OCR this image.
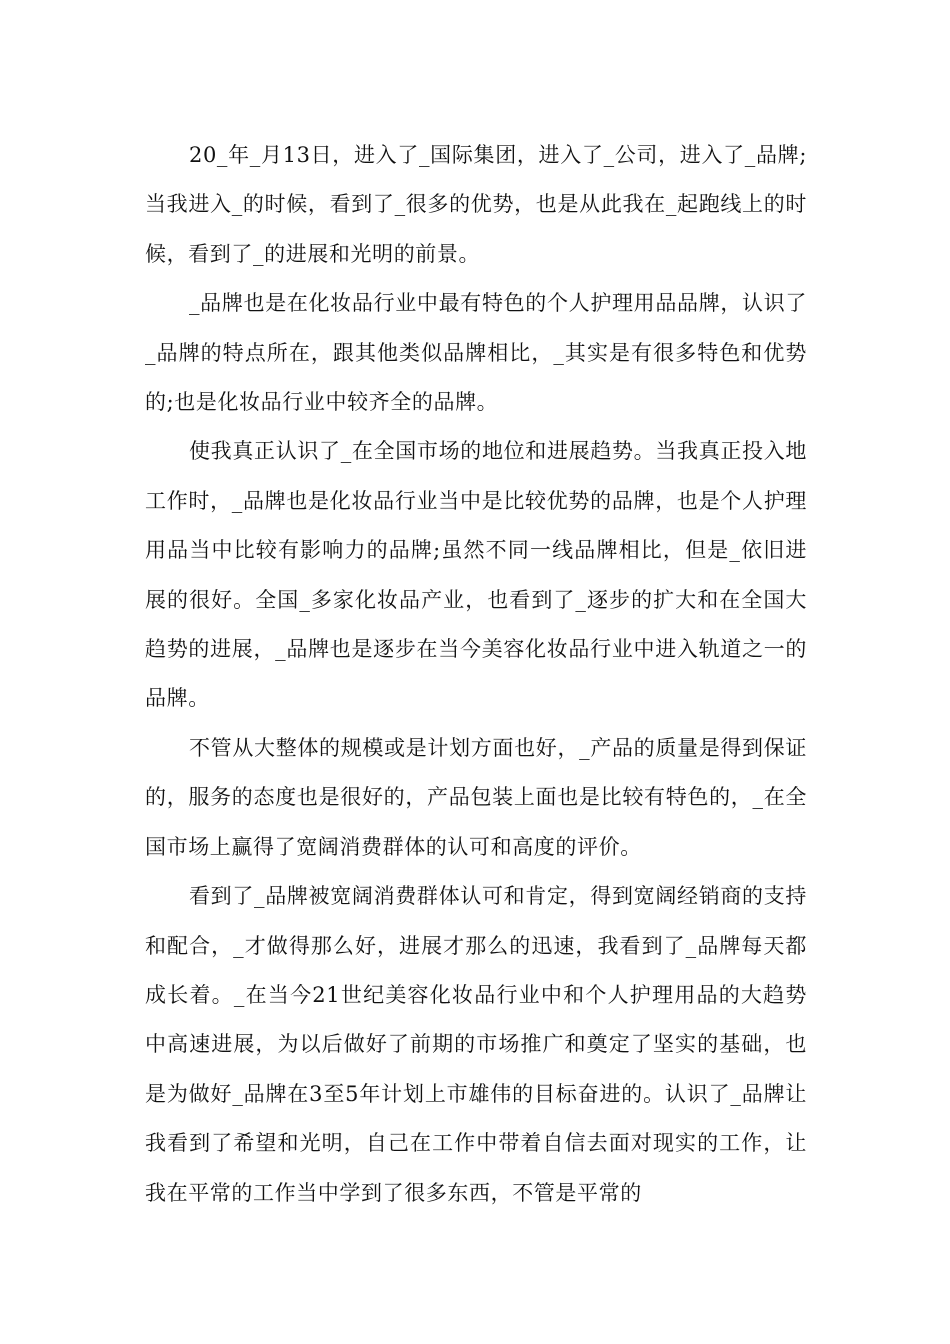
20_年_月13日，进入了_国际集团，进入了_公司，进入了_品牌;当我进入_的时候，看到了_很多的优势，也是从此我在_起跑线上的时候，看到了_的进展和光明的前景。

_品牌也是在化妆品行业中最有特色的个人护理用品品牌，认识了_品牌的特点所在，跟其他类似品牌相比，_其实是有很多特色和优势的;也是化妆品行业中较齐全的品牌。

使我真正认识了_在全国市场的地位和进展趋势。当我真正投入地工作时，_品牌也是化妆品行业当中是比较优势的品牌，也是个人护理用品当中比较有影响力的品牌;虽然不同一线品牌相比，但是_依旧进展的很好。全国_多家化妆品产业，也看到了_逐步的扩大和在全国大趋势的进展，_品牌也是逐步在当今美容化妆品行业中进入轨道之一的品牌。

不管从大整体的规模或是计划方面也好，_产品的质量是得到保证的，服务的态度也是很好的，产品包装上面也是比较有特色的，_在全国市场上赢得了宽阔消费群体的认可和高度的评价。

看到了_品牌被宽阔消费群体认可和肯定，得到宽阔经销商的支持和配合，_才做得那么好，进展才那么的迅速，我看到了_品牌每天都成长着。_在当今21世纪美容化妆品行业中和个人护理用品的大趋势中高速进展，为以后做好了前期的市场推广和奠定了坚实的基础，也是为做好_品牌在3至5年计划上市雄伟的目标奋进的。认识了_品牌让我看到了希望和光明，自己在工作中带着自信去面对现实的工作，让我在平常的工作当中学到了很多东西，不管是平常的
